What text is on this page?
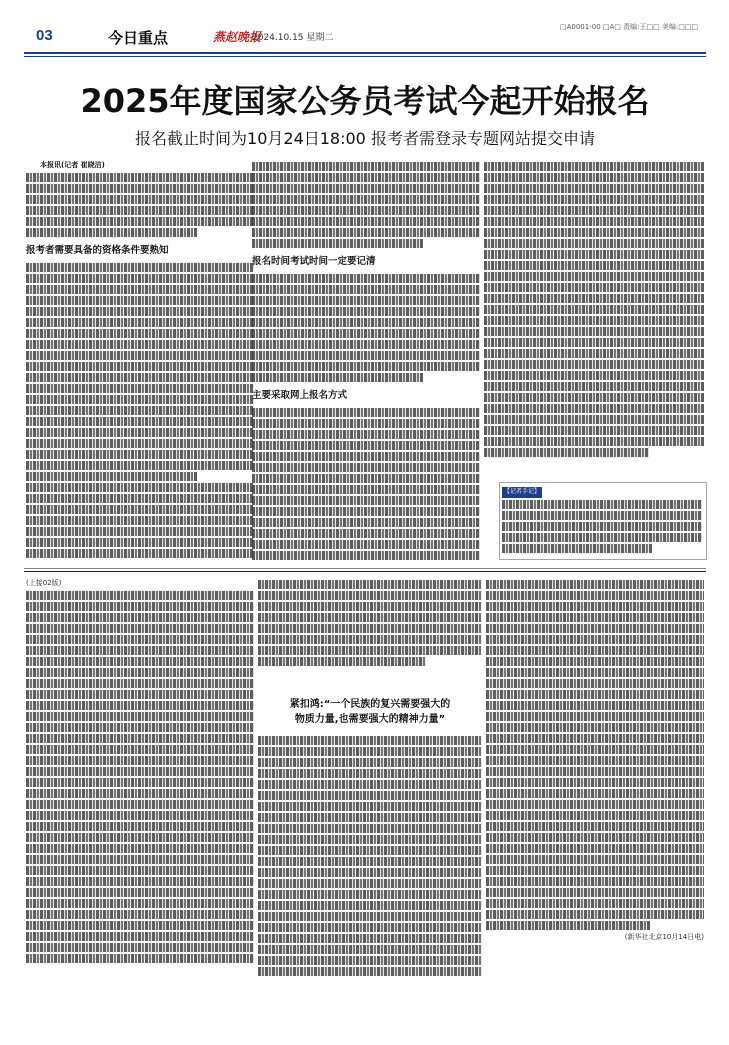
03	今日重点	燕赵晚报
2024.10.15 星期二
□A0001-00 □A□ 责编:王□□ 美编:□□□
2025年度国家公务员考试今起开始报名
报名截止时间为10月24日18:00 报考者需登录专题网站提交申请

本报讯(记者 崔晓洁)

报考者需要具备的资格条件要熟知
报名时间考试时间一定要记清
主要采取网上报名方式
【记者手记】

(上接02版)

紧扣鸿:“一个民族的复兴需要强大的
物质力量,也需要强大的精神力量”

(新华社北京10月14日电)
